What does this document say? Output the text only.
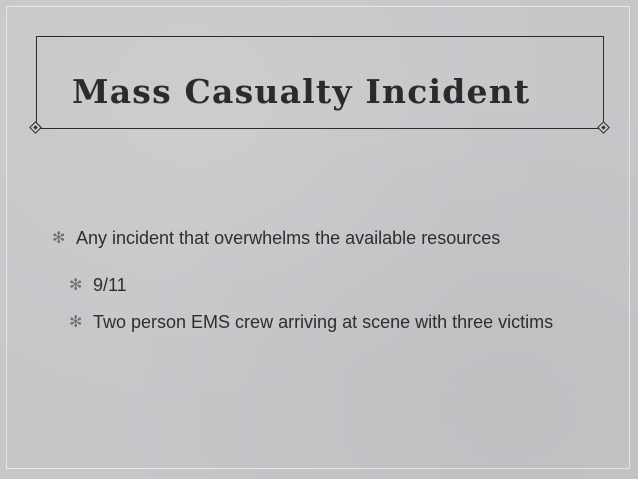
Mass Casualty Incident
✻ Any incident that overwhelms the available resources
✻ 9/11
✻ Two person EMS crew arriving at scene with three victims
